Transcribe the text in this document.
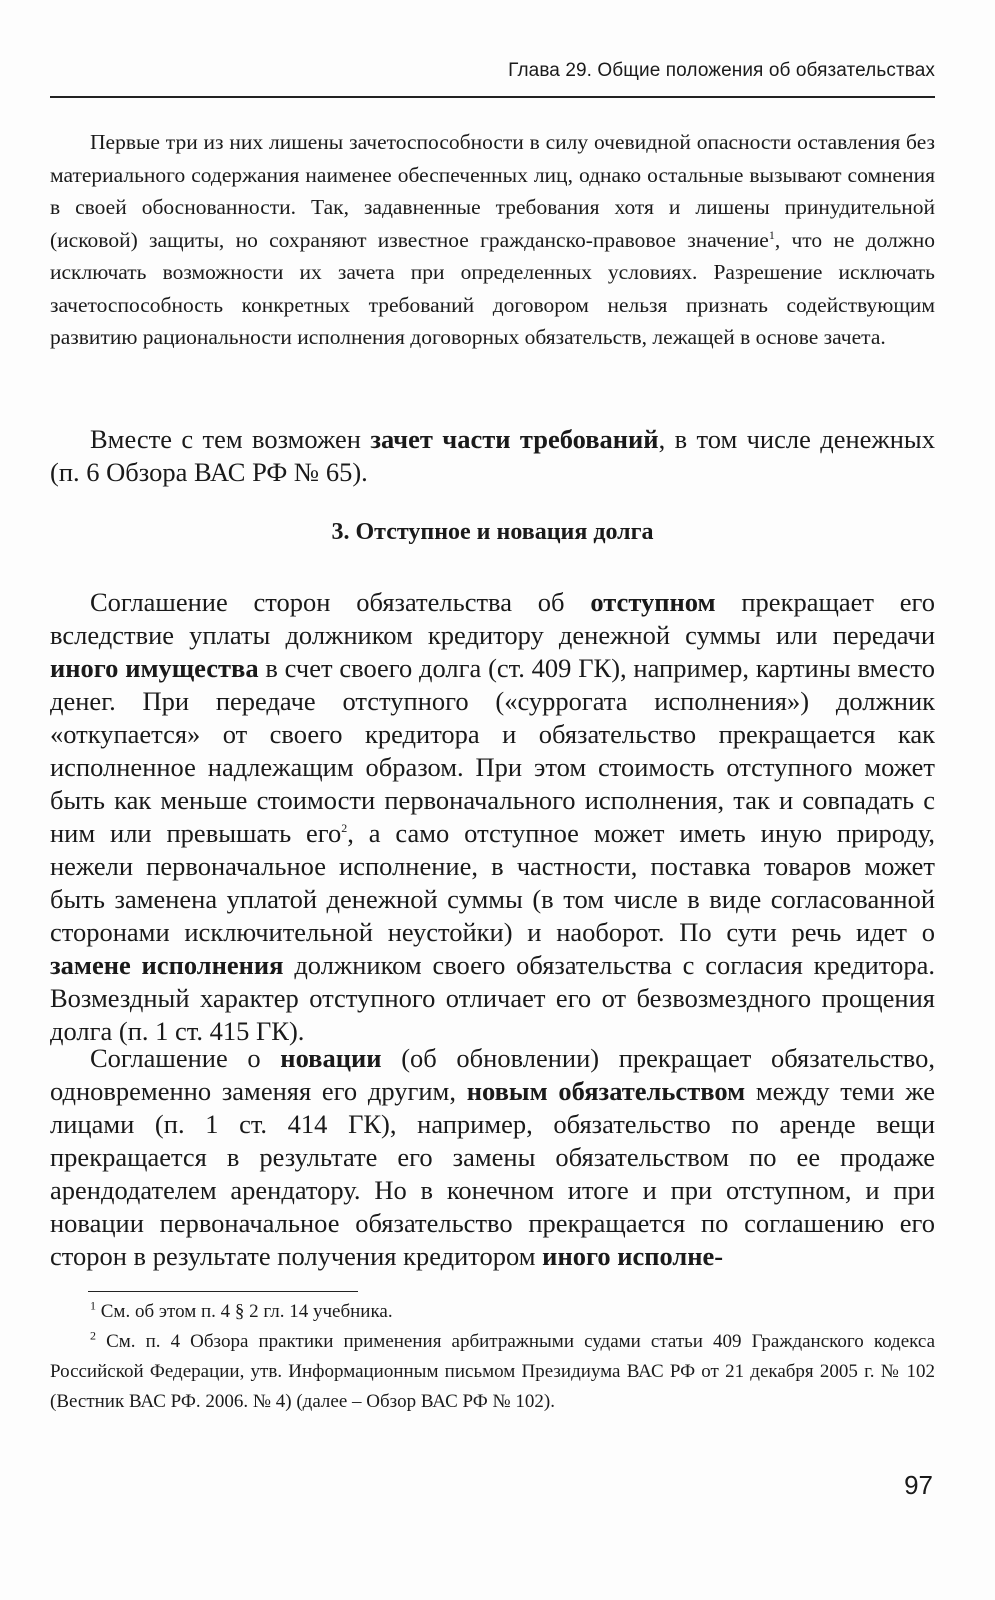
Глава 29. Общие положения об обязательствах

Первые три из них лишены зачетоспособности в силу очевидной опасности оставления без материального содержания наименее обеспеченных лиц, однако остальные вызывают сомнения в своей обоснованности. Так, задавненные требования хотя и лишены принудительной (исковой) защиты, но сохраняют известное гражданско-правовое значение$^1$, что не должно исключать возможности их зачета при определенных условиях. Разрешение исключать зачетоспособность конкретных требований договором нельзя признать содействующим развитию рациональности исполнения договорных обязательств, лежащей в основе зачета.

Вместе с тем возможен зачет части требований, в том числе денежных (п. 6 Обзора ВАС РФ № 65).

3. Отступное и новация долга

Соглашение сторон обязательства об отступном прекращает его вследствие уплаты должником кредитору денежной суммы или передачи иного имущества в счет своего долга (ст. 409 ГК), например, картины вместо денег. При передаче отступного («суррогата исполнения») должник «откупается» от своего кредитора и обязательство прекращается как исполненное надлежащим образом. При этом стоимость отступного может быть как меньше стоимости первоначального исполнения, так и совпадать с ним или превышать его$^2$, а само отступное может иметь иную природу, нежели первоначальное исполнение, в частности, поставка товаров может быть заменена уплатой денежной суммы (в том числе в виде согласованной сторонами исключительной неустойки) и наоборот. По сути речь идет о замене исполнения должником своего обязательства с согласия кредитора. Возмездный характер отступного отличает его от безвозмездного прощения долга (п. 1 ст. 415 ГК).

Соглашение о новации (об обновлении) прекращает обязательство, одновременно заменяя его другим, новым обязательством между теми же лицами (п. 1 ст. 414 ГК), например, обязательство по аренде вещи прекращается в результате его замены обязательством по ее продаже арендодателем арендатору. Но в конечном итоге и при отступном, и при новации первоначальное обязательство прекращается по соглашению его сторон в результате получения кредитором иного исполне-

$^1$ См. об этом п. 4 § 2 гл. 14 учебника.

$^2$ См. п. 4 Обзора практики применения арбитражными судами статьи 409 Гражданского кодекса Российской Федерации, утв. Информационным письмом Президиума ВАС РФ от 21 декабря 2005 г. № 102 (Вестник ВАС РФ. 2006. № 4) (далее – Обзор ВАС РФ № 102).

97
